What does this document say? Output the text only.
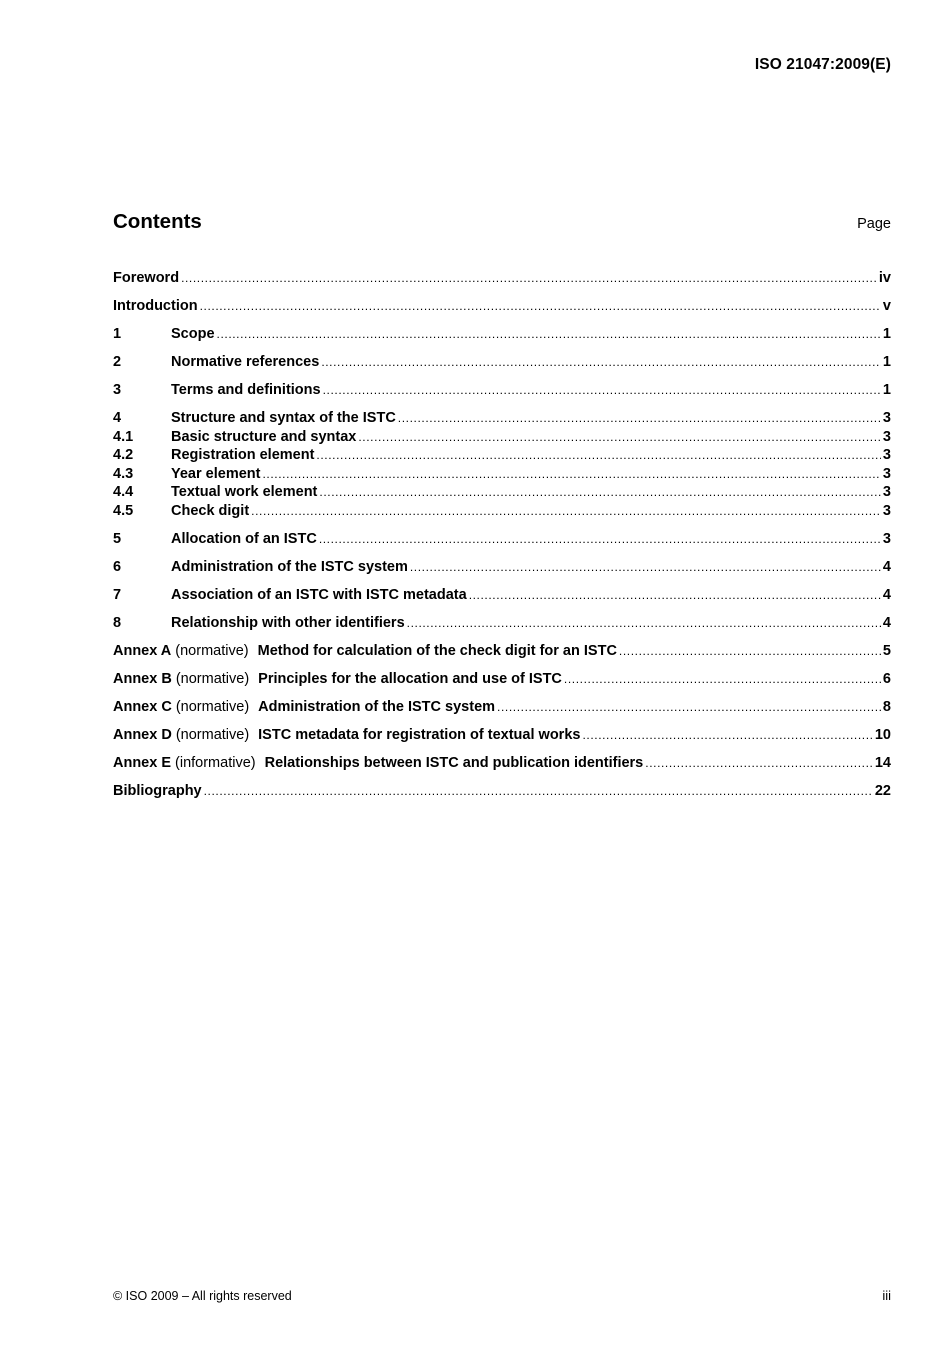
ISO 21047:2009(E)
Contents	Page
Foreword .....	iv
Introduction .....	v
1	Scope .....	1
2	Normative references .....	1
3	Terms and definitions .....	1
4	Structure and syntax of the ISTC .....	3
4.1	Basic structure and syntax .....	3
4.2	Registration element .....	3
4.3	Year element .....	3
4.4	Textual work element .....	3
4.5	Check digit .....	3
5	Allocation of an ISTC .....	3
6	Administration of the ISTC system .....	4
7	Association of an ISTC with ISTC metadata .....	4
8	Relationship with other identifiers .....	4
Annex A (normative) Method for calculation of the check digit for an ISTC .....	5
Annex B (normative) Principles for the allocation and use of ISTC .....	6
Annex C (normative) Administration of the ISTC system .....	8
Annex D (normative) ISTC metadata for registration of textual works .....	10
Annex E (informative) Relationships between ISTC and publication identifiers .....	14
Bibliography .....	22
© ISO 2009 – All rights reserved	iii
